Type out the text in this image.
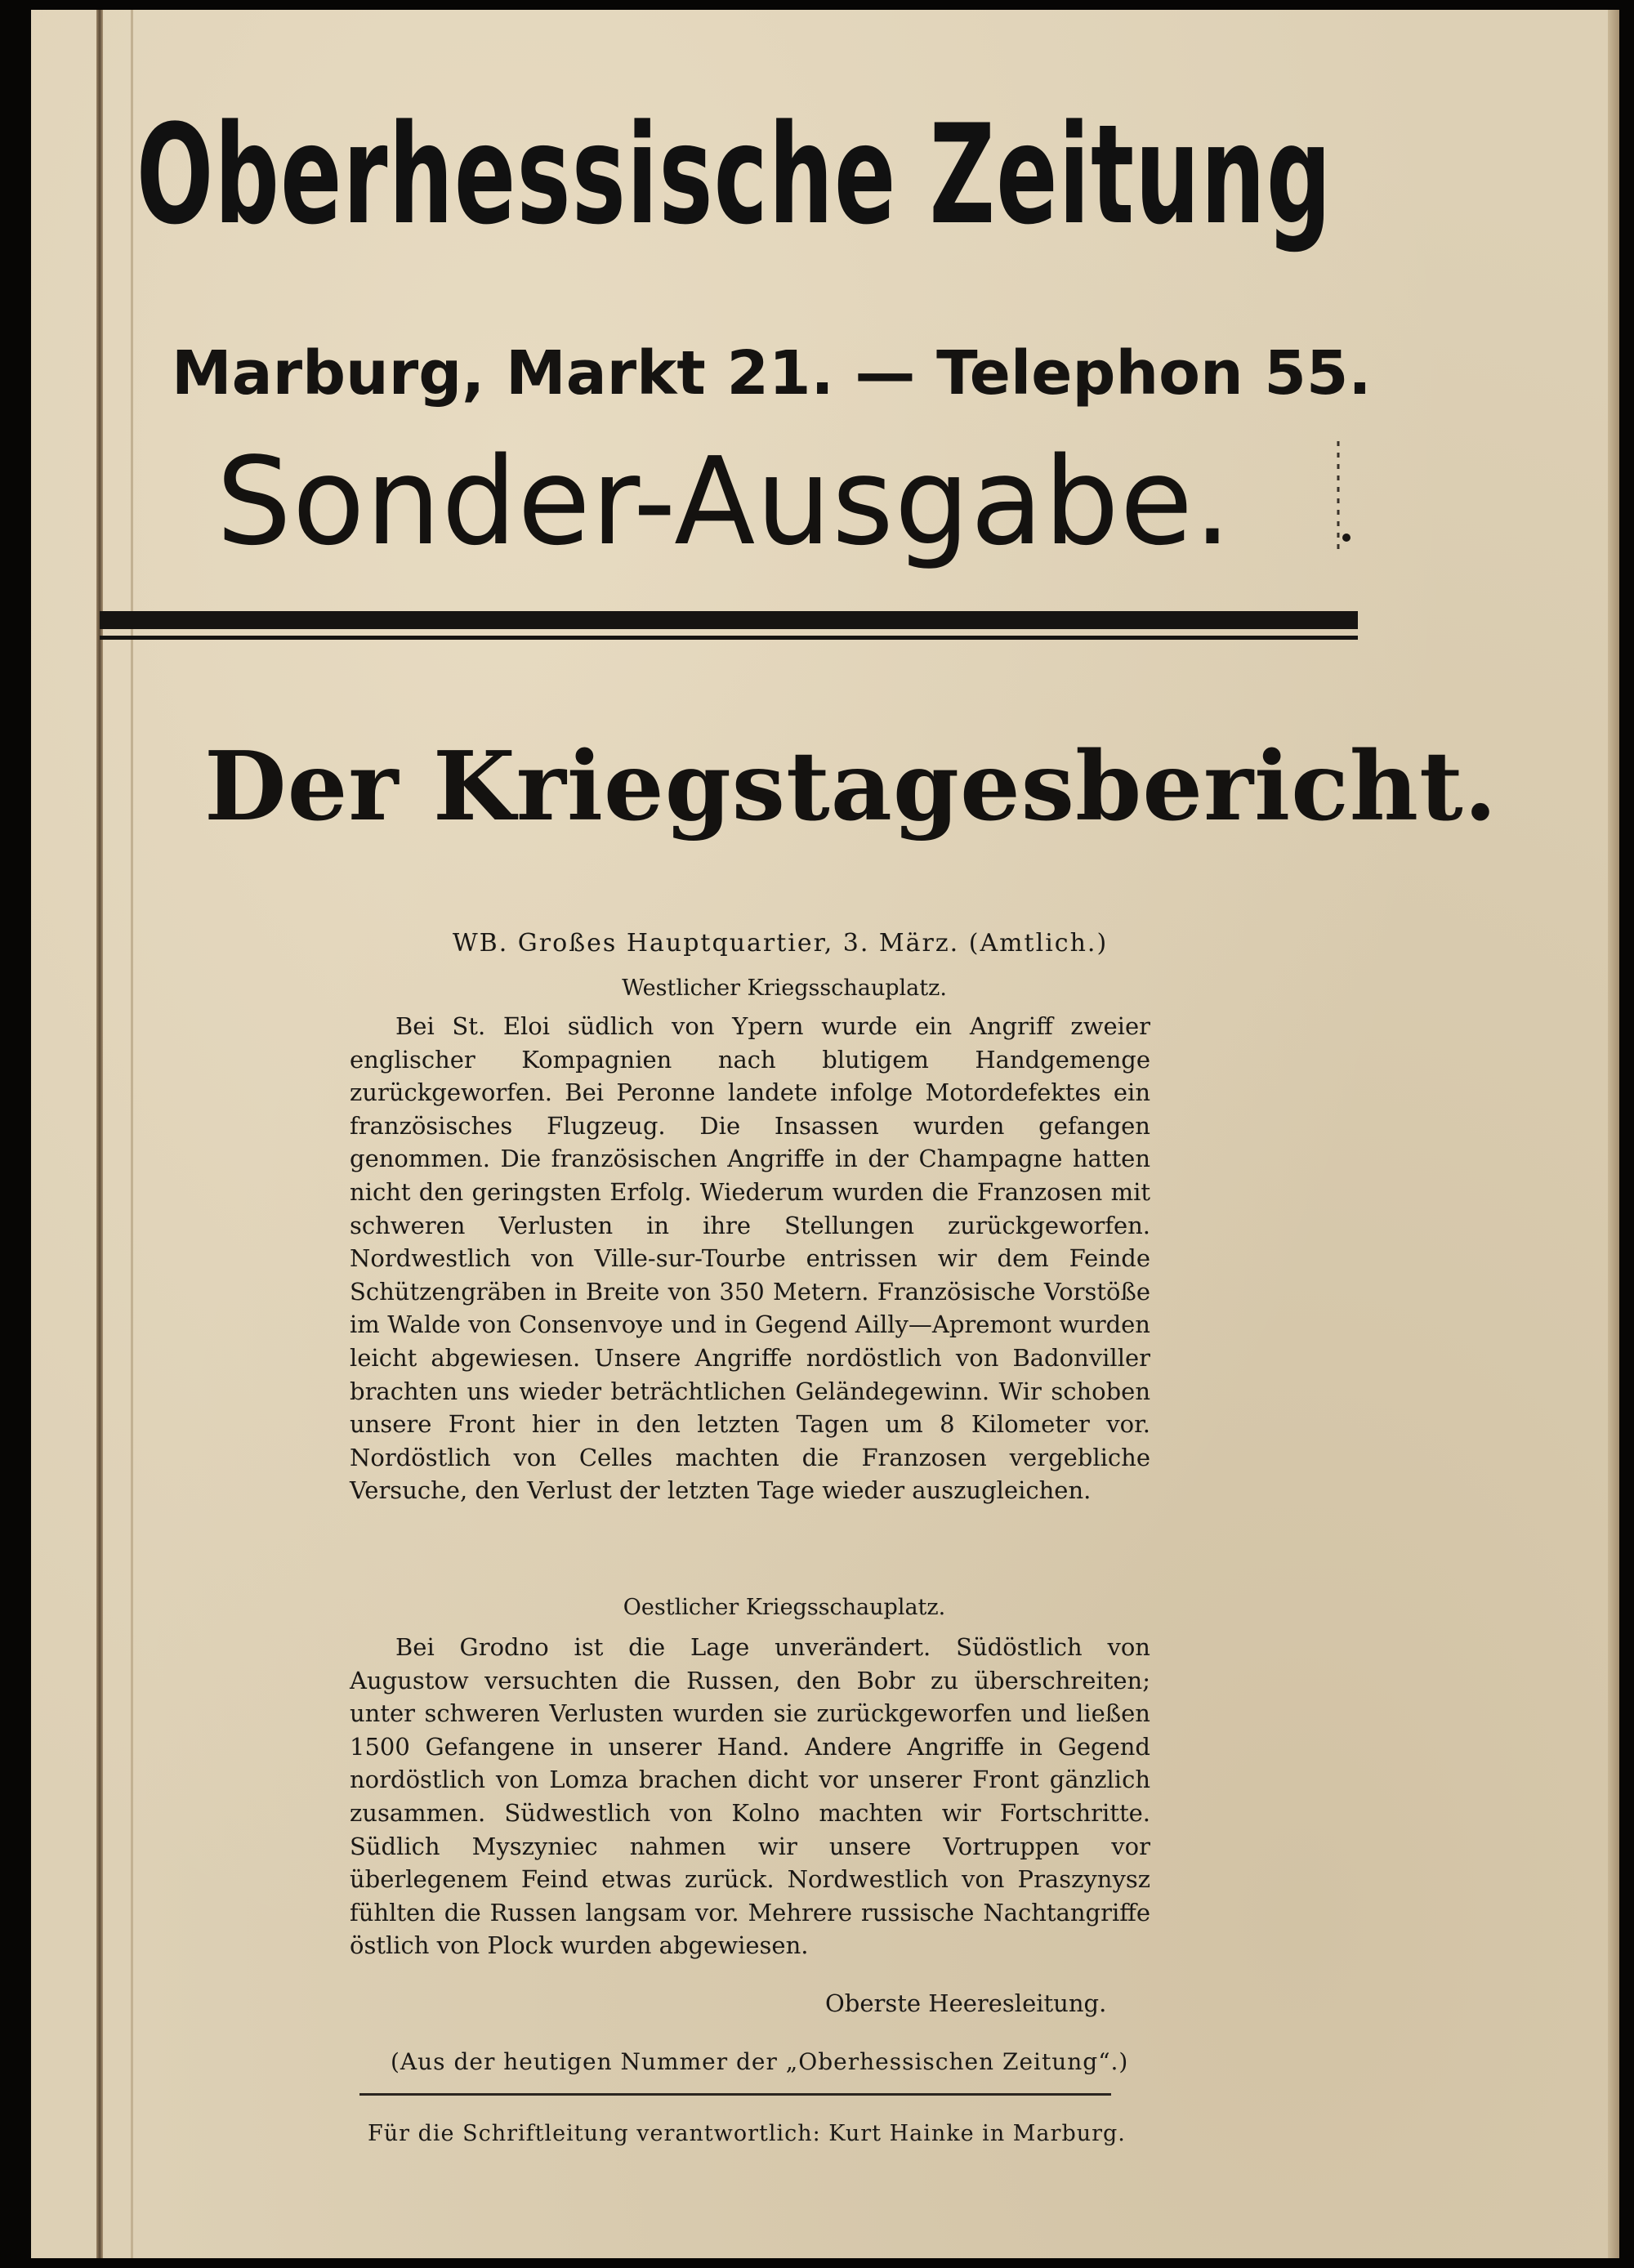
Oberhessische Zeitung
Marburg, Markt 21. — Telephon 55.
Sonder-Ausgabe.
Der Kriegstagesbericht.
WB. Großes Hauptquartier, 3. März. (Amtlich.)
Westlicher Kriegsschauplatz.

Bei St. Eloi südlich von Ypern wurde ein Angriff zweier englischer Kompagnien nach blutigem Handgemenge zurückgeworfen. Bei Peronne landete infolge Motordefektes ein französisches Flugzeug. Die Insassen wurden gefangen genommen. Die französischen Angriffe in der Champagne hatten nicht den geringsten Erfolg. Wiederum wurden die Franzosen mit schweren Verlusten in ihre Stellungen zurückgeworfen. Nordwestlich von Ville-sur-Tourbe entrissen wir dem Feinde Schützengräben in Breite von 350 Metern. Französische Vorstöße im Walde von Consenvoye und in Gegend Ailly—Apremont wurden leicht abgewiesen. Unsere Angriffe nordöstlich von Badonviller brachten uns wieder beträchtlichen Geländegewinn. Wir schoben unsere Front hier in den letzten Tagen um 8 Kilometer vor. Nordöstlich von Celles machten die Franzosen vergebliche Versuche, den Verlust der letzten Tage wieder auszugleichen.

Oestlicher Kriegsschauplatz.

Bei Grodno ist die Lage unverändert. Südöstlich von Augustow versuchten die Russen, den Bobr zu überschreiten; unter schweren Verlusten wurden sie zurückgeworfen und ließen 1500 Gefangene in unserer Hand. Andere Angriffe in Gegend nordöstlich von Lomza brachen dicht vor unserer Front gänzlich zusammen. Südwestlich von Kolno machten wir Fortschritte. Südlich Myszyniec nahmen wir unsere Vortruppen vor überlegenem Feind etwas zurück. Nordwestlich von Praszynysz fühlten die Russen langsam vor. Mehrere russische Nachtangriffe östlich von Plock wurden abgewiesen.

Oberste Heeresleitung.
(Aus der heutigen Nummer der „Oberhessischen Zeitung“.)
Für die Schriftleitung verantwortlich: Kurt Hainke in Marburg.
